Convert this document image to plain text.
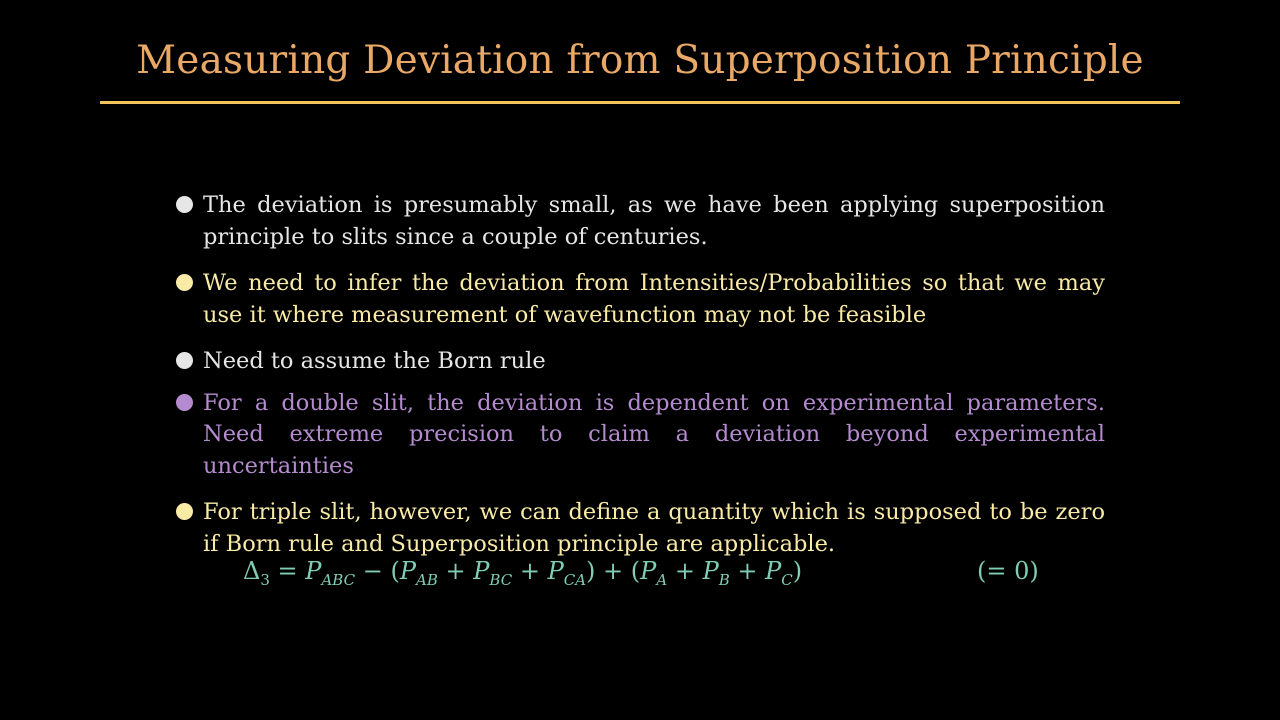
Measuring Deviation from Superposition Principle
The deviation is presumably small, as we have been applying superposition principle to slits since a couple of centuries.
We need to infer the deviation from Intensities/Probabilities so that we may use it where measurement of wavefunction may not be feasible
Need to assume the Born rule
For a double slit, the deviation is dependent on experimental parameters. Need extreme precision to claim a deviation beyond experimental uncertainties
For triple slit, however, we can define a quantity which is supposed to be zero if Born rule and Superposition principle are applicable.
$\Delta_3 = P_{ABC} - (P_{AB} + P_{BC} + P_{CA}) + (P_A + P_B + P_C)$	(= 0)
